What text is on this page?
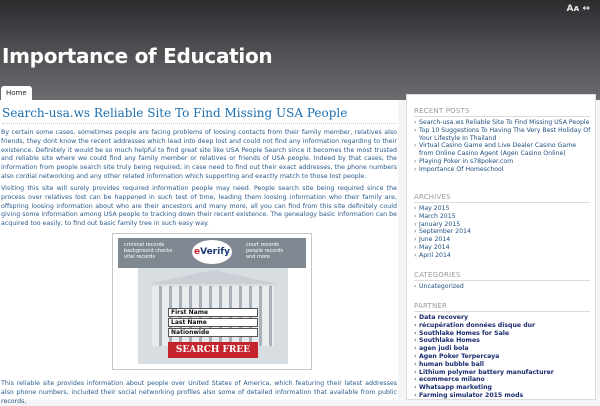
Aᴀ ↔
Importance of Education
Home
Search-usa.ws Reliable Site To Find Missing USA People
By certain some cases, sometimes people are facing problems of loosing contacts from their family member, relatives also friends, they dont know the recent addresses which lead into deep lost and could not find any information regarding to their existence. Definitely it would be so much helpful to find great site like USA People Search since it becomes the most trusted and reliable site where we could find any family member or relatives or friends of USA people. Indeed by that cases, the information from people search site truly being required, in case need to find out their exact addresses, the phone numbers also cordial networking and any other related information which supporting and exactly match to those lost people.
Visiting this site will surely provides required information people may need. People search site being required since the process over relatives lost can be happened in such test of time, leading them loosing information who their family are, offspring loosing information about who are their ancestors and many more, all you can find from this site definitely could giving some information among USA people to tracking down their recent existence. The genealogy basic information can be acquired too easily, to find out basic family tree in such easy way.
This reliable site provides information about people over United States of America, which featuring their latest addresses also phone numbers, included their social networking profiles also some of detailed information that available from public records,
criminal records
background checks
vital records	eVerify
court records
people records
and more
First Name
Last Name
Nationwide
SEARCH FREE
RECENT POSTS
› Search-usa.ws Reliable Site To Find Missing USA People
› Top 10 Suggestions To Having The Very Best Holiday Of Your Lifestyle In Thailand
› Virtual Casino Game and Live Dealer Casino Game from Online Casino Agent (Agen Casino Online)
› Playing Poker in s78poker.com
› Importance Of Homeschool
ARCHIVES
› May 2015
› March 2015
› January 2015
› September 2014
› June 2014
› May 2014
› April 2014
CATEGORIES
› Uncategorized
PARTNER
› Data recovery
› récupération données disque dur
› Southlake Homes for Sale
› Southlake Homes
› agen judi bola
› Agen Poker Terpercaya
› human bubble ball
› Lithium polymer battery manufacturer
› ecommerce milano
› Whatsapp marketing
› Farming simulator 2015 mods
